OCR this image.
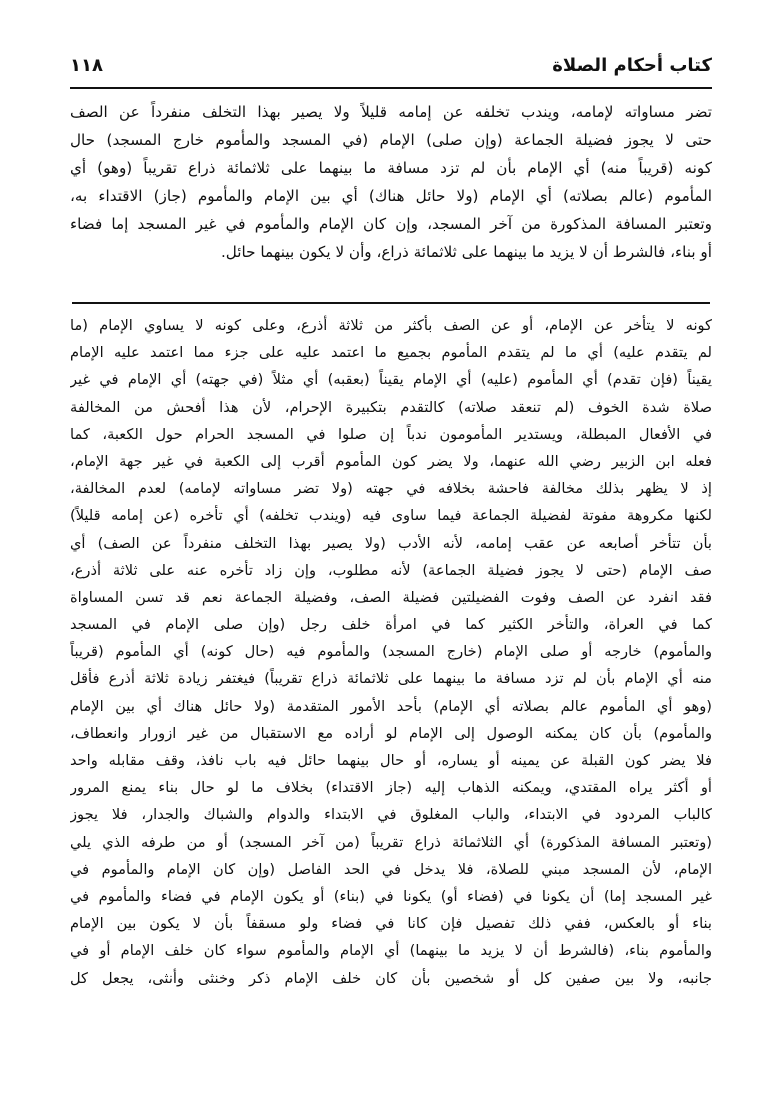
كتاب أحكام الصلاة
١١٨
تضر مساواته لإمامه، ويندب تخلفه عن إمامه قليلاً ولا يصير بهذا التخلف منفرداً عن الصف
حتى لا يجوز فضيلة الجماعة (وإن صلى) الإمام (في المسجد والمأموم خارج المسجد) حال
كونه (قريباً منه) أي الإمام بأن لم تزد مسافة ما بينهما على ثلاثمائة ذراع تقريباً (وهو) أي
المأموم (عالم بصلاته) أي الإمام (ولا حائل هناك) أي بين الإمام والمأموم (جاز) الاقتداء به،
وتعتبر المسافة المذكورة من آخر المسجد، وإن كان الإمام والمأموم في غير المسجد إما فضاء
أو بناء، فالشرط أن لا يزيد ما بينهما على ثلاثمائة ذراع، وأن لا يكون بينهما حائل.
كونه لا يتأخر عن الإمام، أو عن الصف بأكثر من ثلاثة أذرع، وعلى كونه لا يساوي الإمام (ما
لم يتقدم عليه) أي ما لم يتقدم المأموم بجميع ما اعتمد عليه على جزء مما اعتمد عليه الإمام
يقيناً (فإن تقدم) أي المأموم (عليه) أي الإمام يقيناً (بعقبه) أي مثلاً (في جهته) أي الإمام في غير
صلاة شدة الخوف (لم تنعقد صلاته) كالتقدم بتكبيرة الإحرام، لأن هذا أفحش من المخالفة
في الأفعال المبطلة، ويستدير المأمومون ندباً إن صلوا في المسجد الحرام حول الكعبة، كما
فعله ابن الزبير رضي الله عنهما، ولا يضر كون المأموم أقرب إلى الكعبة في غير جهة الإمام،
إذ لا يظهر بذلك مخالفة فاحشة بخلافه في جهته (ولا تضر مساواته لإمامه) لعدم المخالفة،
لكنها مكروهة مفوتة لفضيلة الجماعة فيما ساوى فيه (ويندب تخلفه) أي تأخره (عن إمامه قليلاً)
بأن تتأخر أصابعه عن عقب إمامه، لأنه الأدب (ولا يصير بهذا التخلف منفرداً عن الصف) أي
صف الإمام (حتى لا يجوز فضيلة الجماعة) لأنه مطلوب، وإن زاد تأخره عنه على ثلاثة أذرع،
فقد انفرد عن الصف وفوت الفضيلتين فضيلة الصف، وفضيلة الجماعة نعم قد تسن المساواة
كما في العراة، والتأخر الكثير كما في امرأة خلف رجل (وإن صلى الإمام في المسجد
والمأموم) خارجه أو صلى الإمام (خارج المسجد) والمأموم فيه (حال كونه) أي المأموم (قريباً
منه أي الإمام بأن لم تزد مسافة ما بينهما على ثلاثمائة ذراع تقريباً) فيغتفر زيادة ثلاثة أذرع فأقل
(وهو أي المأموم عالم بصلاته أي الإمام) بأحد الأمور المتقدمة (ولا حائل هناك أي بين الإمام
والمأموم) بأن كان يمكنه الوصول إلى الإمام لو أراده مع الاستقبال من غير ازورار وانعطاف،
فلا يضر كون القبلة عن يمينه أو يساره، أو حال بينهما حائل فيه باب نافذ، وقف مقابله واحد
أو أكثر يراه المقتدي، ويمكنه الذهاب إليه (جاز الاقتداء) بخلاف ما لو حال بناء يمنع المرور
كالباب المردود في الابتداء، والباب المغلوق في الابتداء والدوام والشباك والجدار، فلا يجوز
(وتعتبر المسافة المذكورة) أي الثلاثمائة ذراع تقريباً (من آخر المسجد) أو من طرفه الذي يلي
الإمام، لأن المسجد مبني للصلاة، فلا يدخل في الحد الفاصل (وإن كان الإمام والمأموم في
غير المسجد إما) أن يكونا في (فضاء أو) يكونا في (بناء) أو يكون الإمام في فضاء والمأموم في
بناء أو بالعكس، ففي ذلك تفصيل فإن كانا في فضاء ولو مسقفاً بأن لا يكون بين الإمام
والمأموم بناء، (فالشرط أن لا يزيد ما بينهما) أي الإمام والمأموم سواء كان خلف الإمام أو في
جانبه، ولا بين صفين كل أو شخصين بأن كان خلف الإمام ذكر وخنثى وأنثى، يجعل كل
